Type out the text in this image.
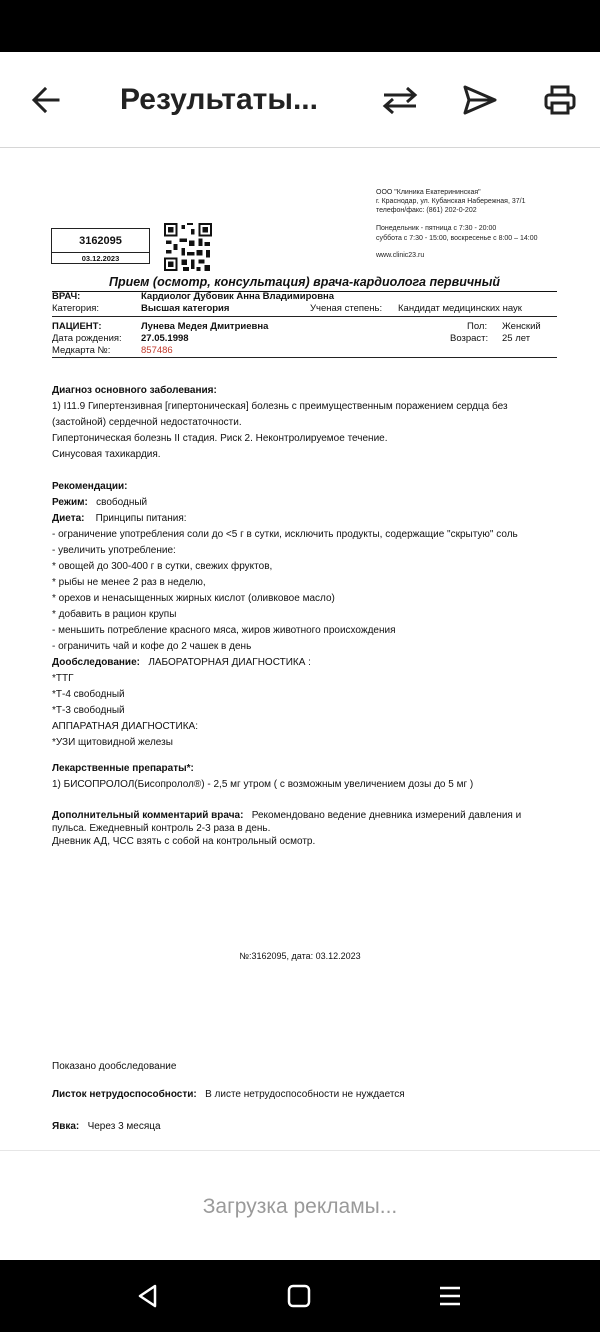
Результаты...
ООО "Клиника Екатерининская"
г. Краснодар, ул. Кубанская Набережная, 37/1
телефон/факс: (861) 202-0-202
Понедельник - пятница с 7:30 - 20:00
суббота с 7:30 - 15:00, воскресенье с 8:00 – 14:00
www.clinic23.ru
3162095
03.12.2023
Прием (осмотр, консультация) врача-кардиолога первичный
ВРАЧ:	Кардиолог Дубовик Анна Владимировна
Категория:	Высшая категория	Ученая степень: Кандидат медицинских наук
ПАЦИЕНТ:	Лунева Медея Дмитриевна	Пол: Женский
Дата рождения: 27.05.1998	Возраст: 25 лет
Медкарта №:	857486

Диагноз основного заболевания:

1) I11.9 Гипертензивная [гипертоническая] болезнь с преимущественным поражением сердца без

(застойной) сердечной недостаточности.

Гипертоническая болезнь II стадия. Риск 2. Неконтролируемое течение.

Синусовая тахикардия.

Рекомендации:

Режим: свободный

Диета: Принципы питания:

- ограничение употребления соли до <5 г в сутки, исключить продукты, содержащие "скрытую" соль

- увеличить употребление:

* овощей до 300-400 г в сутки, свежих фруктов,

* рыбы не менее 2 раз в неделю,

* орехов и ненасыщенных жирных кислот (оливковое масло)

* добавить в рацион крупы

- меньшить потребление красного мяса, жиров животного происхождения

- ограничить чай и кофе до 2 чашек в день

Дообследование: ЛАБОРАТОРНАЯ ДИАГНОСТИКА :

*ТТГ

*Т-4 свободный

*Т-3 свободный

АППАРАТНАЯ ДИАГНОСТИКА:

*УЗИ щитовидной железы

Лекарственные препараты*:

1) БИСОПРОЛОЛ(Бисопролол®) - 2,5 мг утром ( с возможным увеличением дозы до 5 мг )

Дополнительный комментарий врача: Рекомендовано ведение дневника измерений давления и

пульса. Ежедневный контроль 2-3 раза в день.

Дневник АД, ЧСС взять с собой на контрольный осмотр.

№:3162095, дата: 03.12.2023

Показано дообследование

Листок нетрудоспособности: В листе нетрудоспособности не нуждается

Явка: Через 3 месяца

Загрузка рекламы...
